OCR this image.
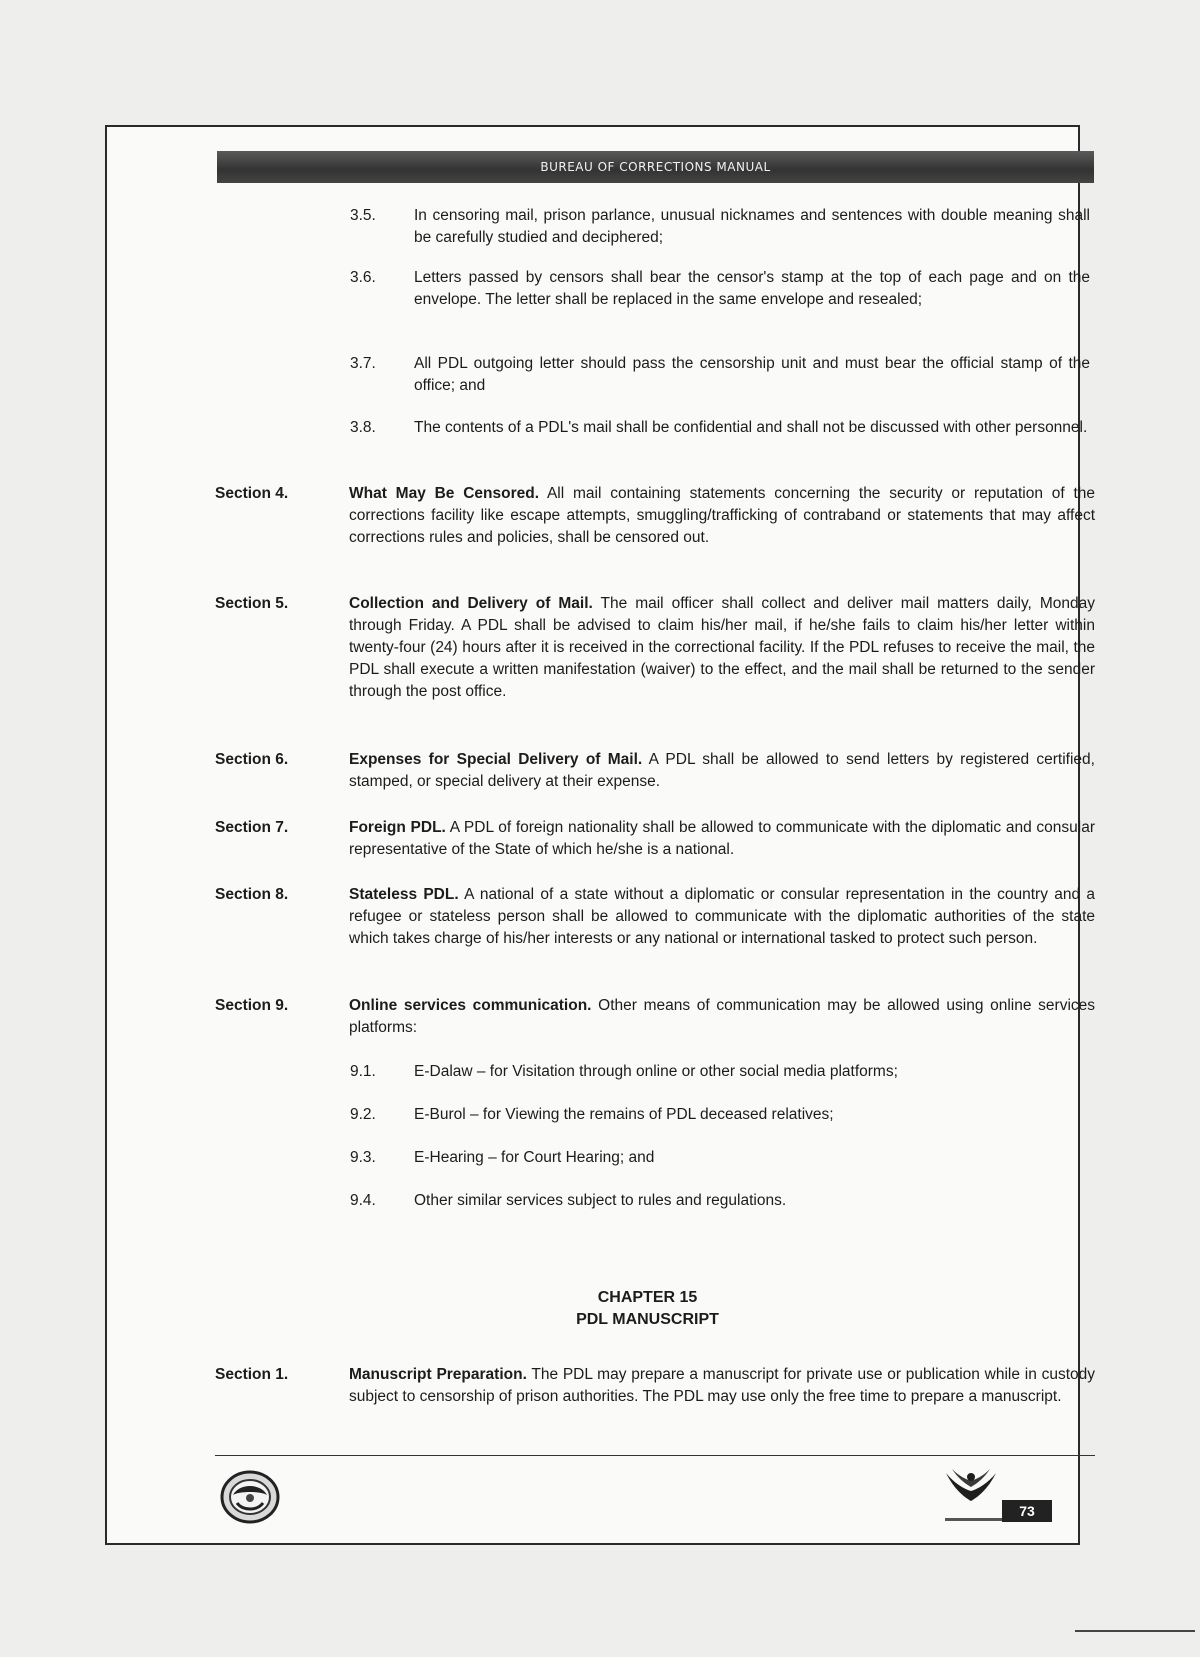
BUREAU OF CORRECTIONS MANUAL
3.5.	In censoring mail, prison parlance, unusual nicknames and sentences with double meaning shall be carefully studied and deciphered;
3.6.	Letters passed by censors shall bear the censor's stamp at the top of each page and on the envelope. The letter shall be replaced in the same envelope and resealed;
3.7.	All PDL outgoing letter should pass the censorship unit and must bear the official stamp of the office; and
3.8.	The contents of a PDL's mail shall be confidential and shall not be discussed with other personnel.
Section 4.	What May Be Censored. All mail containing statements concerning the security or reputation of the corrections facility like escape attempts, smuggling/trafficking of contraband or statements that may affect corrections rules and policies, shall be censored out.
Section 5.	Collection and Delivery of Mail. The mail officer shall collect and deliver mail matters daily, Monday through Friday. A PDL shall be advised to claim his/her mail, if he/she fails to claim his/her letter within twenty-four (24) hours after it is received in the correctional facility. If the PDL refuses to receive the mail, the PDL shall execute a written manifestation (waiver) to the effect, and the mail shall be returned to the sender through the post office.
Section 6.	Expenses for Special Delivery of Mail. A PDL shall be allowed to send letters by registered certified, stamped, or special delivery at their expense.
Section 7.	Foreign PDL. A PDL of foreign nationality shall be allowed to communicate with the diplomatic and consular representative of the State of which he/she is a national.
Section 8.	Stateless PDL. A national of a state without a diplomatic or consular representation in the country and a refugee or stateless person shall be allowed to communicate with the diplomatic authorities of the state which takes charge of his/her interests or any national or international tasked to protect such person.
Section 9.	Online services communication. Other means of communication may be allowed using online services platforms:
9.1.	E-Dalaw – for Visitation through online or other social media platforms;
9.2.	E-Burol – for Viewing the remains of PDL deceased relatives;
9.3.	E-Hearing – for Court Hearing; and
9.4.	Other similar services subject to rules and regulations.
CHAPTER 15
PDL MANUSCRIPT
Section 1.	Manuscript Preparation. The PDL may prepare a manuscript for private use or publication while in custody subject to censorship of prison authorities. The PDL may use only the free time to prepare a manuscript.
73
